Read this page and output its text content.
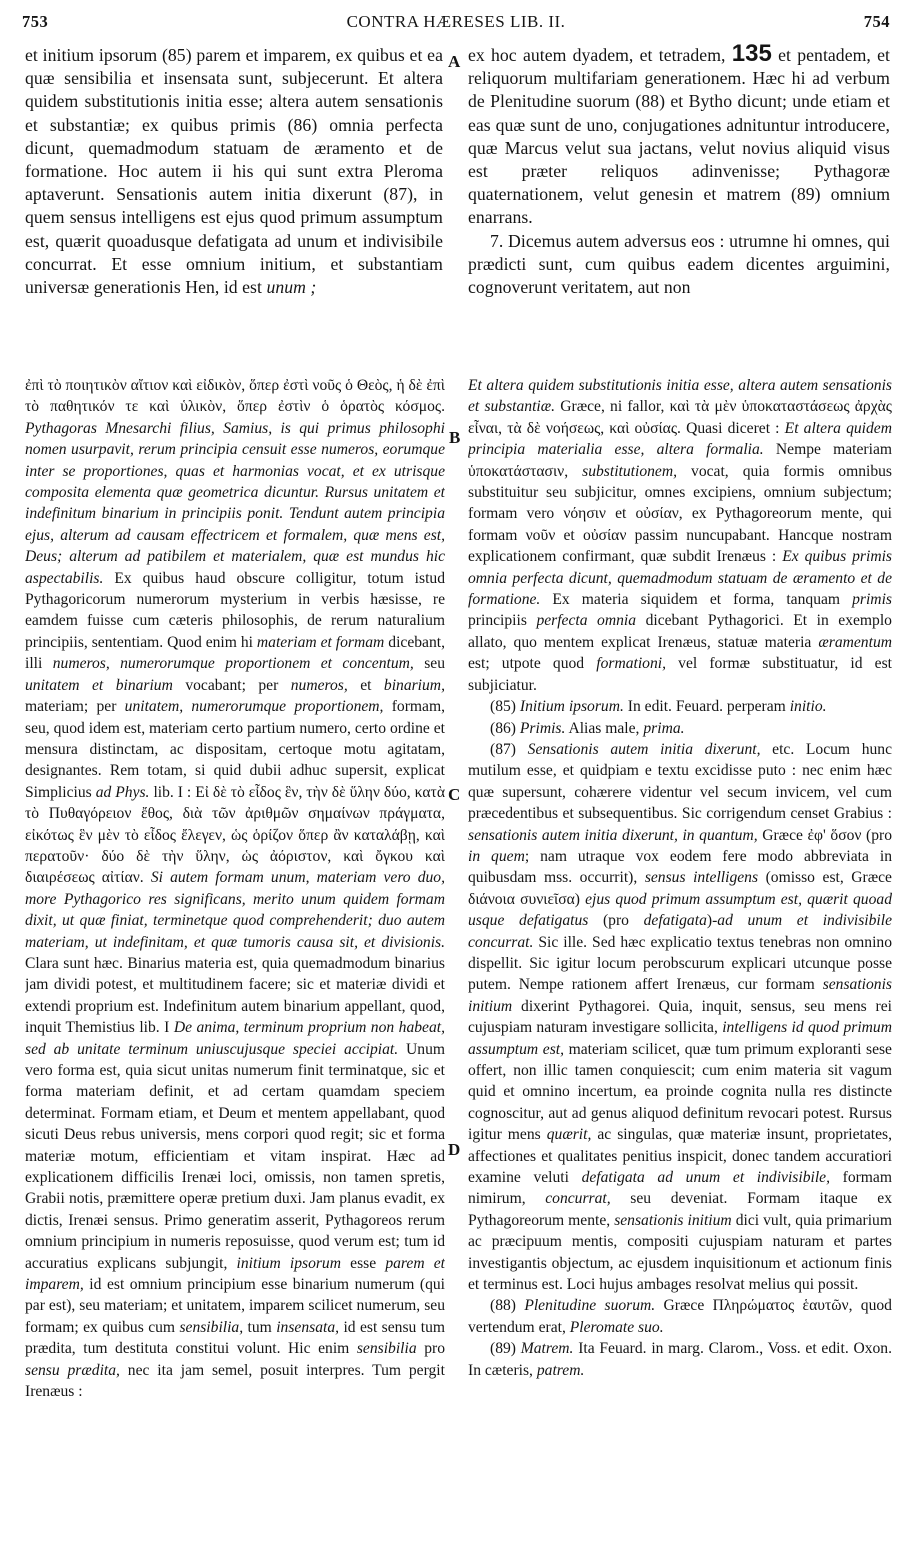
753	CONTRA HÆRESES LIB. II.	754

et initium ipsorum (85) parem et imparem, ex quibus et ea quæ sensibilia et insensata sunt, subjecerunt. Et altera quidem substitutionis initia esse; altera autem sensationis et substantiæ; ex quibus primis (86) omnia perfecta dicunt, quemadmodum statuam de æramento et de formatione. Hoc autem ii his qui sunt extra Pleroma aptaverunt. Sensationis autem initia dixerunt (87), in quem sensus intelligens est ejus quod primum assumptum est, quærit quoadusque defatigata ad unum et indivisibile concurrat. Et esse omnium initium, et substantiam universæ generationis Hen, id est unum ;

ex hoc autem dyadem, et tetradem, 135 et pentadem, et reliquorum multifariam generationem. Hæc hi ad verbum de Plenitudine suorum (88) et Bytho dicunt; unde etiam et eas quæ sunt de uno, conjugationes adnituntur introducere, quæ Marcus velut sua jactans, velut novius aliquid visus est præter reliquos adinvenisse; Pythagoræ quaternationem, velut genesin et matrem (89) omnium enarrans.

7. Dicemus autem adversus eos : utrumne hi omnes, qui prædicti sunt, cum quibus eadem dicentes arguimini, cognoverunt veritatem, aut non

A
B
C
D

ἐπὶ τὸ ποιητικὸν αἴτιον καὶ εἰδικὸν, ὅπερ ἐστὶ νοῦς ὁ Θεὸς, ἡ δὲ ἐπὶ τὸ παθητικόν τε καὶ ὑλικὸν, ὅπερ ἐστὶν ὁ ὁρατὸς κόσμος. Pythagoras Mnesarchi filius, Samius, is qui primus philosophi nomen usurpavit, rerum principia censuit esse numeros, eorumque inter se proportiones, quas et harmonias vocat, et ex utrisque composita elementa quæ geometrica dicuntur. Rursus unitatem et indefinitum binarium in principiis ponit. Tendunt autem principia ejus, alterum ad causam effectricem et formalem, quæ mens est, Deus; alterum ad patibilem et materialem, quæ est mundus hic aspectabilis. Ex quibus haud obscure colligitur, totum istud Pythagoricorum numerorum mysterium in verbis hæsisse, re eamdem fuisse cum cæteris philosophis, de rerum naturalium principiis, sententiam. Quod enim hi materiam et formam dicebant, illi numeros, numerorumque proportionem et concentum, seu unitatem et binarium vocabant; per numeros, et binarium, materiam; per unitatem, numerorumque proportionem, formam, seu, quod idem est, materiam certo partium numero, certo ordine et mensura distinctam, ac dispositam, certoque motu agitatam, designantes. Rem totam, si quid dubii adhuc supersit, explicat Simplicius ad Phys. lib. I : Εἰ δὲ τὸ εἶδος ἓν, τὴν δὲ ὕλην δύο, κατὰ τὸ Πυθαγόρειον ἔθος, διὰ τῶν ἀριθμῶν σημαίνων πράγματα, εἰκότως ἓν μὲν τὸ εἶδος ἔλεγεν, ὡς ὁρίζον ὅπερ ἂν καταλάβῃ, καὶ περατοῦν· δύο δὲ τὴν ὕλην, ὡς ἀόριστον, καὶ ὄγκου καὶ διαιρέσεως αἰτίαν. Si autem formam unum, materiam vero duo, more Pythagorico res significans, merito unum quidem formam dixit, ut quæ finiat, terminetque quod comprehenderit; duo autem materiam, ut indefinitam, et quæ tumoris causa sit, et divisionis. Clara sunt hæc. Binarius materia est, quia quemadmodum binarius jam dividi potest, et multitudinem facere; sic et materiæ dividi et extendi proprium est. Indefinitum autem binarium appellant, quod, inquit Themistius lib. I De anima, terminum proprium non habeat, sed ab unitate terminum uniuscujusque speciei accipiat. Unum vero forma est, quia sicut unitas numerum finit terminatque, sic et forma materiam definit, et ad certam quamdam speciem determinat. Formam etiam, et Deum et mentem appellabant, quod sicuti Deus rebus universis, mens corpori quod regit; sic et forma materiæ motum, efficientiam et vitam inspirat. Hæc ad explicationem difficilis Irenæi loci, omissis, non tamen spretis, Grabii notis, præmittere operæ pretium duxi. Jam planus evadit, ex dictis, Irenæi sensus. Primo generatim asserit, Pythagoreos rerum omnium principium in numeris reposuisse, quod verum est; tum id accuratius explicans subjungit, initium ipsorum esse parem et imparem, id est omnium principium esse binarium numerum (qui par est), seu materiam; et unitatem, imparem scilicet numerum, seu formam; ex quibus cum sensibilia, tum insensata, id est sensu tum prædita, tum destituta constitui volunt. Hic enim sensibilia pro sensu prædita, nec ita jam semel, posuit interpres. Tum pergit Irenæus :

Et altera quidem substitutionis initia esse, altera autem sensationis et substantiæ. Græce, ni fallor, καὶ τὰ μὲν ὑποκαταστάσεως ἀρχὰς εἶναι, τὰ δὲ νοήσεως, καὶ οὐσίας. Quasi diceret : Et altera quidem principia materialia esse, altera formalia. Nempe materiam ὑποκατάστασιν, substitutionem, vocat, quia formis omnibus substituitur seu subjicitur, omnes excipiens, omnium subjectum; formam vero νόησιν et οὐσίαν, ex Pythagoreorum mente, qui formam νοῦν et οὐσίαν passim nuncupabant. Hancque nostram explicationem confirmant, quæ subdit Irenæus : Ex quibus primis omnia perfecta dicunt, quemadmodum statuam de æramento et de formatione. Ex materia siquidem et forma, tanquam primis principiis perfecta omnia dicebant Pythagorici. Et in exemplo allato, quo mentem explicat Irenæus, statuæ materia æramentum est; utpote quod formationi, vel formæ substituatur, id est subjiciatur.

(85) Initium ipsorum. In edit. Feuard. perperam initio.

(86) Primis. Alias male, prima.

(87) Sensationis autem initia dixerunt, etc. Locum hunc mutilum esse, et quidpiam e textu excidisse puto : nec enim hæc quæ supersunt, cohærere videntur vel secum invicem, vel cum præcedentibus et subsequentibus. Sic corrigendum censet Grabius : sensationis autem initia dixerunt, in quantum, Græce ἐφ' ὅσον (pro in quem; nam utraque vox eodem fere modo abbreviata in quibusdam mss. occurrit), sensus intelligens (omisso est, Græce διάνοια συνιεῖσα) ejus quod primum assumptum est, quærit quoad usque defatigatus (pro defatigata)-ad unum et indivisibile concurrat. Sic ille. Sed hæc explicatio textus tenebras non omnino dispellit. Sic igitur locum perobscurum explicari utcunque posse putem. Nempe rationem affert Irenæus, cur formam sensationis initium dixerint Pythagorei. Quia, inquit, sensus, seu mens rei cujuspiam naturam investigare sollicita, intelligens id quod primum assumptum est, materiam scilicet, quæ tum primum exploranti sese offert, non illic tamen conquiescit; cum enim materia sit vagum quid et omnino incertum, ea proinde cognita nulla res distincte cognoscitur, aut ad genus aliquod definitum revocari potest. Rursus igitur mens quærit, ac singulas, quæ materiæ insunt, proprietates, affectiones et qualitates penitius inspicit, donec tandem accuratiori examine veluti defatigata ad unum et indivisibile, formam nimirum, concurrat, seu deveniat. Formam itaque ex Pythagoreorum mente, sensationis initium dici vult, quia primarium ac præcipuum mentis, compositi cujuspiam naturam et partes investigantis objectum, ac ejusdem inquisitionum et actionum finis et terminus est. Loci hujus ambages resolvat melius qui possit.

(88) Plenitudine suorum. Græce Πληρώματος ἑαυτῶν, quod vertendum erat, Pleromate suo.

(89) Matrem. Ita Feuard. in marg. Clarom., Voss. et edit. Oxon. In cæteris, patrem.
